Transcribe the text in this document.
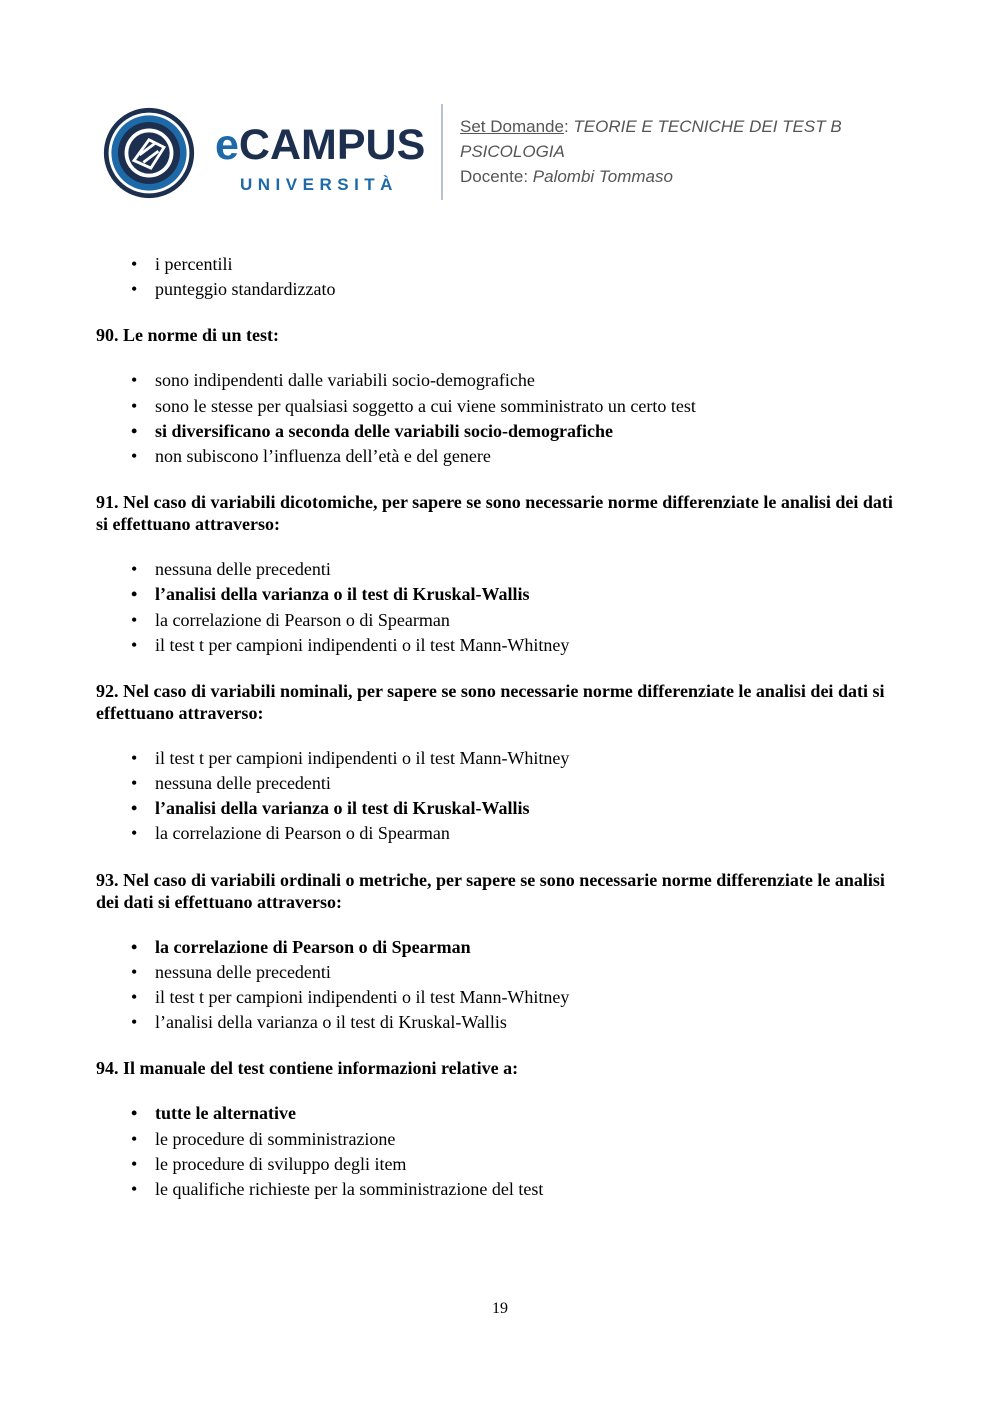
eCAMPUS
UNIVERSITÀ
Set Domande: TEORIE E TECNICHE DEI TEST B PSICOLOGIA
Docente: Palombi Tommaso
• i percentili
• punteggio standardizzato
90. Le norme di un test:
• sono indipendenti dalle variabili socio-demografiche
• sono le stesse per qualsiasi soggetto a cui viene somministrato un certo test
• si diversificano a seconda delle variabili socio-demografiche
• non subiscono l’influenza dell’età e del genere
91. Nel caso di variabili dicotomiche, per sapere se sono necessarie norme differenziate le analisi dei dati si effettuano attraverso:
• nessuna delle precedenti
• l’analisi della varianza o il test di Kruskal-Wallis
• la correlazione di Pearson o di Spearman
• il test t per campioni indipendenti o il test Mann-Whitney
92. Nel caso di variabili nominali, per sapere se sono necessarie norme differenziate le analisi dei dati si effettuano attraverso:
• il test t per campioni indipendenti o il test Mann-Whitney
• nessuna delle precedenti
• l’analisi della varianza o il test di Kruskal-Wallis
• la correlazione di Pearson o di Spearman
93. Nel caso di variabili ordinali o metriche, per sapere se sono necessarie norme differenziate le analisi dei dati si effettuano attraverso:
• la correlazione di Pearson o di Spearman
• nessuna delle precedenti
• il test t per campioni indipendenti o il test Mann-Whitney
• l’analisi della varianza o il test di Kruskal-Wallis
94. Il manuale del test contiene informazioni relative a:
• tutte le alternative
• le procedure di somministrazione
• le procedure di sviluppo degli item
• le qualifiche richieste per la somministrazione del test
19
